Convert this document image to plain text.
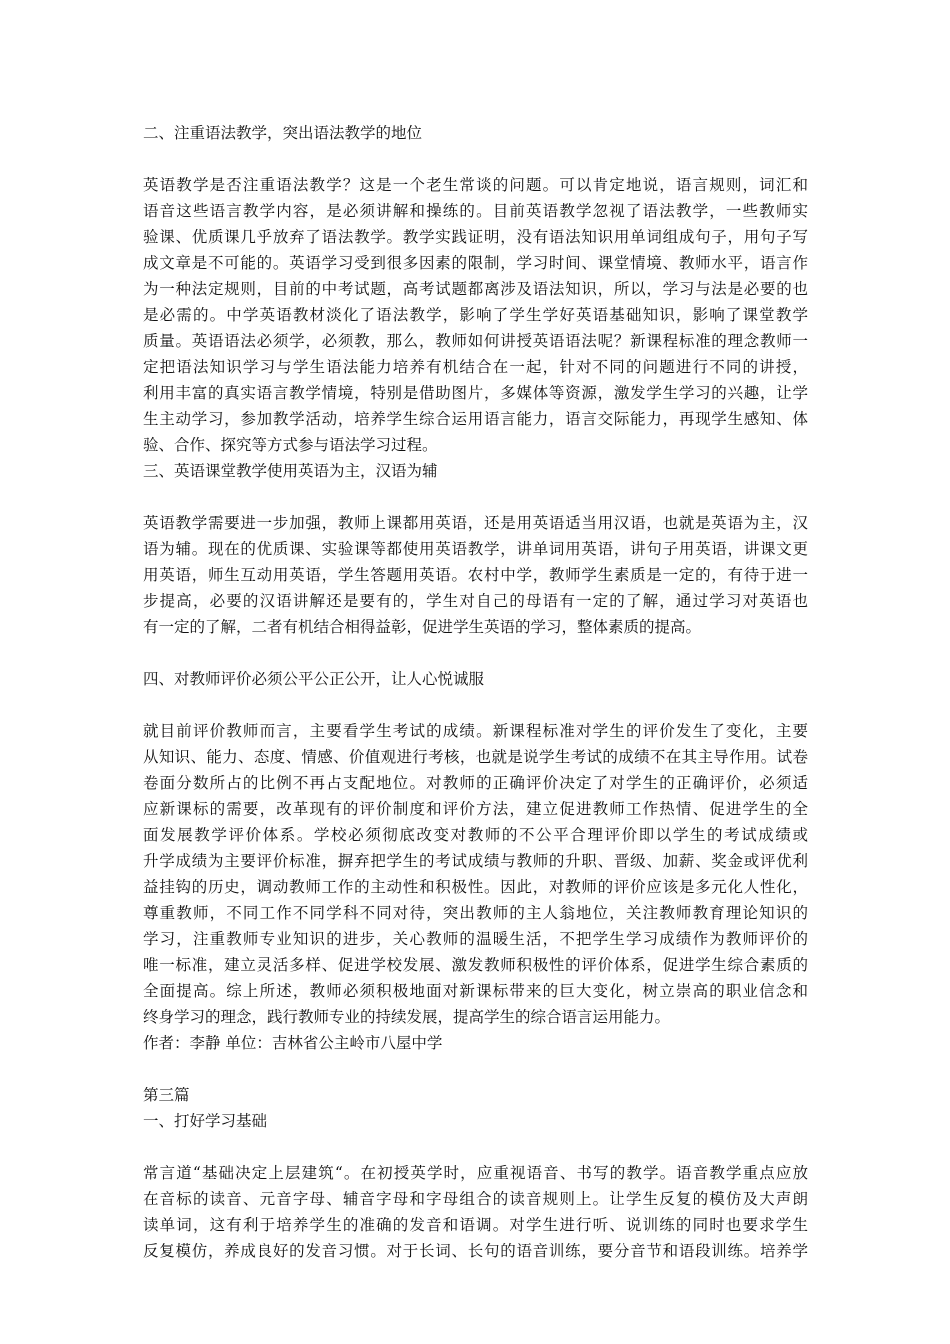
二、注重语法教学，突出语法教学的地位
英语教学是否注重语法教学？这是一个老生常谈的问题。可以肯定地说，语言规则，词汇和
语音这些语言教学内容，是必须讲解和操练的。目前英语教学忽视了语法教学，一些教师实
验课、优质课几乎放弃了语法教学。教学实践证明，没有语法知识用单词组成句子，用句子写
成文章是不可能的。英语学习受到很多因素的限制，学习时间、课堂情境、教师水平，语言作
为一种法定规则，目前的中考试题，高考试题都离涉及语法知识，所以，学习与法是必要的也
是必需的。中学英语教材淡化了语法教学，影响了学生学好英语基础知识，影响了课堂教学
质量。英语语法必须学，必须教，那么，教师如何讲授英语语法呢？新课程标准的理念教师一
定把语法知识学习与学生语法能力培养有机结合在一起，针对不同的问题进行不同的讲授，
利用丰富的真实语言教学情境，特别是借助图片，多媒体等资源，激发学生学习的兴趣，让学
生主动学习，参加教学活动，培养学生综合运用语言能力，语言交际能力，再现学生感知、体
验、合作、探究等方式参与语法学习过程。
三、英语课堂教学使用英语为主，汉语为辅
英语教学需要进一步加强，教师上课都用英语，还是用英语适当用汉语，也就是英语为主，汉
语为辅。现在的优质课、实验课等都使用英语教学，讲单词用英语，讲句子用英语，讲课文更
用英语，师生互动用英语，学生答题用英语。农村中学，教师学生素质是一定的，有待于进一
步提高，必要的汉语讲解还是要有的，学生对自己的母语有一定的了解，通过学习对英语也
有一定的了解，二者有机结合相得益彰，促进学生英语的学习，整体素质的提高。
四、对教师评价必须公平公正公开，让人心悦诚服
就目前评价教师而言，主要看学生考试的成绩。新课程标准对学生的评价发生了变化，主要
从知识、能力、态度、情感、价值观进行考核，也就是说学生考试的成绩不在其主导作用。试卷
卷面分数所占的比例不再占支配地位。对教师的正确评价决定了对学生的正确评价，必须适
应新课标的需要，改革现有的评价制度和评价方法，建立促进教师工作热情、促进学生的全
面发展教学评价体系。学校必须彻底改变对教师的不公平合理评价即以学生的考试成绩或
升学成绩为主要评价标准，摒弃把学生的考试成绩与教师的升职、晋级、加薪、奖金或评优利
益挂钩的历史，调动教师工作的主动性和积极性。因此，对教师的评价应该是多元化人性化，
尊重教师，不同工作不同学科不同对待，突出教师的主人翁地位，关注教师教育理论知识的
学习，注重教师专业知识的进步，关心教师的温暖生活，不把学生学习成绩作为教师评价的
唯一标准，建立灵活多样、促进学校发展、激发教师积极性的评价体系，促进学生综合素质的
全面提高。综上所述，教师必须积极地面对新课标带来的巨大变化，树立崇高的职业信念和
终身学习的理念，践行教师专业的持续发展，提高学生的综合语言运用能力。
作者：李静 单位：吉林省公主岭市八屋中学
第三篇
一、打好学习基础
常言道“基础决定上层建筑“。在初授英学时，应重视语音、书写的教学。语音教学重点应放
在音标的读音、元音字母、辅音字母和字母组合的读音规则上。让学生反复的模仿及大声朗
读单词，这有利于培养学生的准确的发音和语调。对学生进行听、说训练的同时也要求学生
反复模仿，养成良好的发音习惯。对于长词、长句的语音训练，要分音节和语段训练。培养学
